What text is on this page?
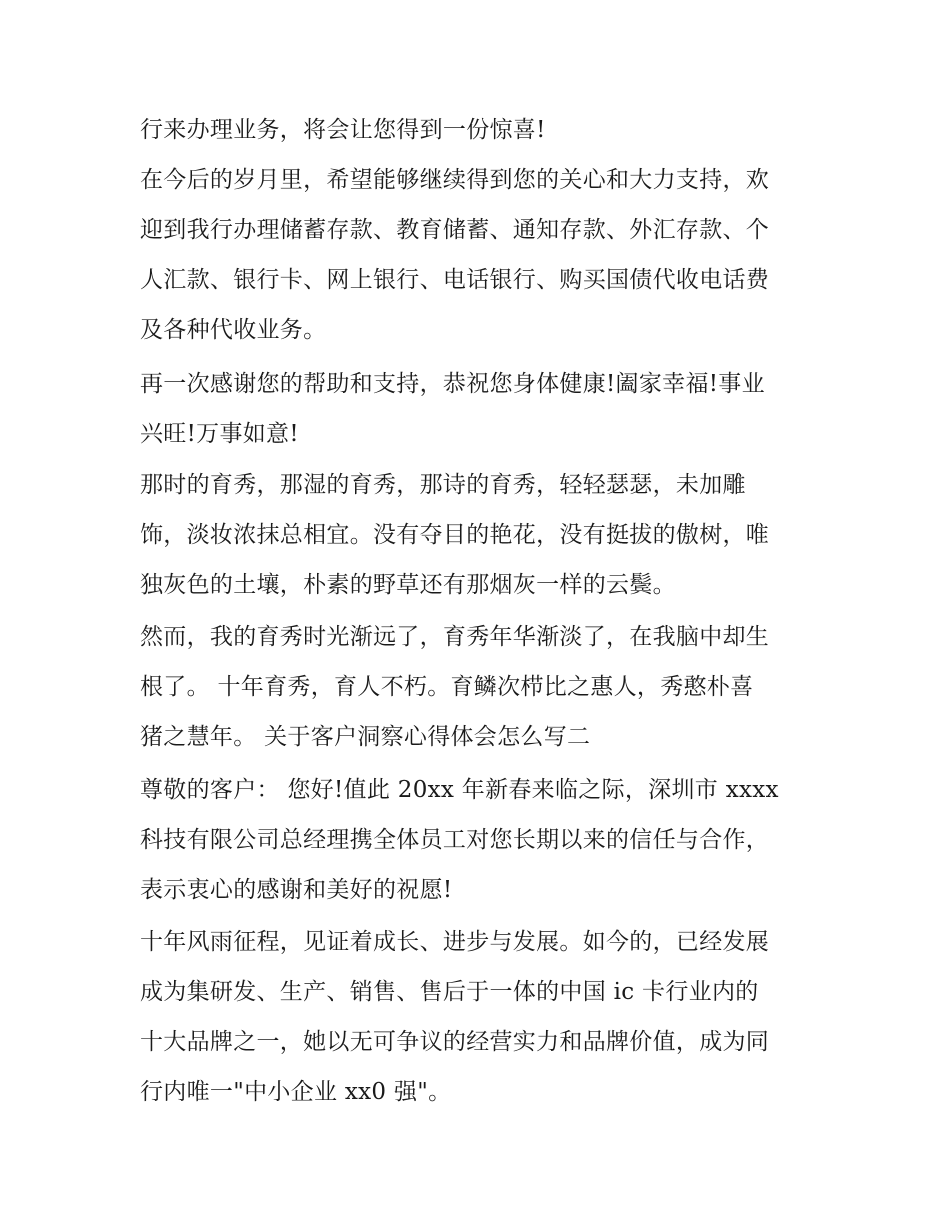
行来办理业务，将会让您得到一份惊喜!
在今后的岁月里，希望能够继续得到您的关心和大力支持，欢
迎到我行办理储蓄存款、教育储蓄、通知存款、外汇存款、个
人汇款、银行卡、网上银行、电话银行、购买国债代收电话费
及各种代收业务。
再一次感谢您的帮助和支持，恭祝您身体健康!阖家幸福!事业
兴旺!万事如意!
那时的育秀，那湿的育秀，那诗的育秀，轻轻瑟瑟，未加雕
饰，淡妆浓抹总相宜。没有夺目的艳花，没有挺拔的傲树，唯
独灰色的土壤，朴素的野草还有那烟灰一样的云鬓。
然而，我的育秀时光渐远了，育秀年华渐淡了，在我脑中却生
根了。 十年育秀，育人不朽。育鳞次栉比之惠人，秀憨朴喜
猪之慧年。 关于客户洞察心得体会怎么写二
尊敬的客户： 您好!值此 20xx 年新春来临之际，深圳市 xxxx
科技有限公司总经理携全体员工对您长期以来的信任与合作，
表示衷心的感谢和美好的祝愿!
十年风雨征程，见证着成长、进步与发展。如今的，已经发展
成为集研发、生产、销售、售后于一体的中国 ic 卡行业内的
十大品牌之一，她以无可争议的经营实力和品牌价值，成为同
行内唯一"中小企业 xx0 强"。
